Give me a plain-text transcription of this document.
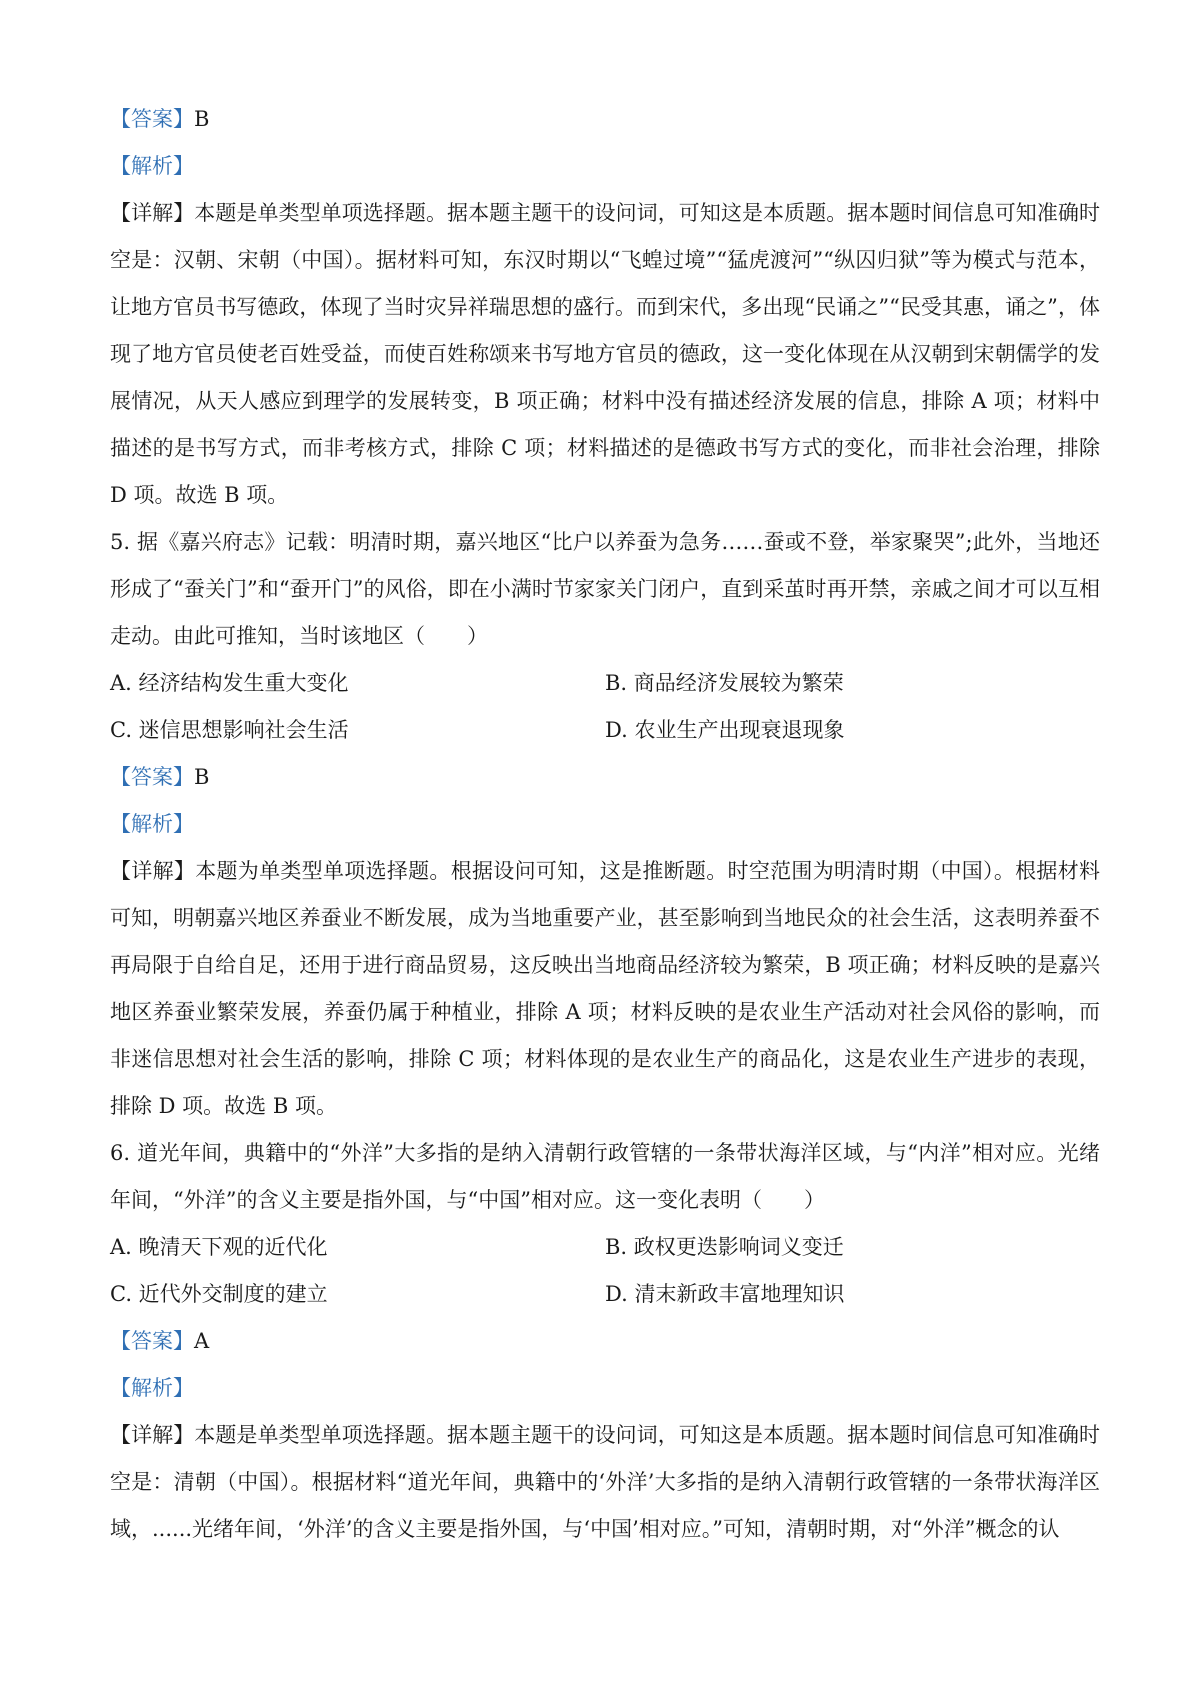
【答案】B
【解析】
【详解】本题是单类型单项选择题。据本题主题干的设问词，可知这是本质题。据本题时间信息可知准确时空是：汉朝、宋朝（中国）。据材料可知，东汉时期以“飞蝗过境”“猛虎渡河”“纵囚归狱”等为模式与范本，让地方官员书写德政，体现了当时灾异祥瑞思想的盛行。而到宋代，多出现“民诵之”“民受其惠，诵之”，体现了地方官员使老百姓受益，而使百姓称颂来书写地方官员的德政，这一变化体现在从汉朝到宋朝儒学的发展情况，从天人感应到理学的发展转变，B 项正确；材料中没有描述经济发展的信息，排除 A 项；材料中描述的是书写方式，而非考核方式，排除 C 项；材料描述的是德政书写方式的变化，而非社会治理，排除 D 项。故选 B 项。
5. 据《嘉兴府志》记载：明清时期，嘉兴地区“比户以养蚕为急务……蚕或不登，举家聚哭”;此外，当地还形成了“蚕关门”和“蚕开门”的风俗，即在小满时节家家关门闭户，直到采茧时再开禁，亲戚之间才可以互相走动。由此可推知，当时该地区（　　）
A. 经济结构发生重大变化	B. 商品经济发展较为繁荣
C. 迷信思想影响社会生活	D. 农业生产出现衰退现象
【答案】B
【解析】
【详解】本题为单类型单项选择题。根据设问可知，这是推断题。时空范围为明清时期（中国）。根据材料可知，明朝嘉兴地区养蚕业不断发展，成为当地重要产业，甚至影响到当地民众的社会生活，这表明养蚕不再局限于自给自足，还用于进行商品贸易，这反映出当地商品经济较为繁荣，B 项正确；材料反映的是嘉兴地区养蚕业繁荣发展，养蚕仍属于种植业，排除 A 项；材料反映的是农业生产活动对社会风俗的影响，而非迷信思想对社会生活的影响，排除 C 项；材料体现的是农业生产的商品化，这是农业生产进步的表现，排除 D 项。故选 B 项。
6. 道光年间，典籍中的“外洋”大多指的是纳入清朝行政管辖的一条带状海洋区域，与“内洋”相对应。光绪年间，“外洋”的含义主要是指外国，与“中国”相对应。这一变化表明（　　）
A. 晚清天下观的近代化	B. 政权更迭影响词义变迁
C. 近代外交制度的建立	D. 清末新政丰富地理知识
【答案】A
【解析】
【详解】本题是单类型单项选择题。据本题主题干的设问词，可知这是本质题。据本题时间信息可知准确时空是：清朝（中国）。根据材料“道光年间，典籍中的‘外洋’大多指的是纳入清朝行政管辖的一条带状海洋区域，......光绪年间，‘外洋’的含义主要是指外国，与‘中国’相对应。”可知，清朝时期，对“外洋”概念的认
